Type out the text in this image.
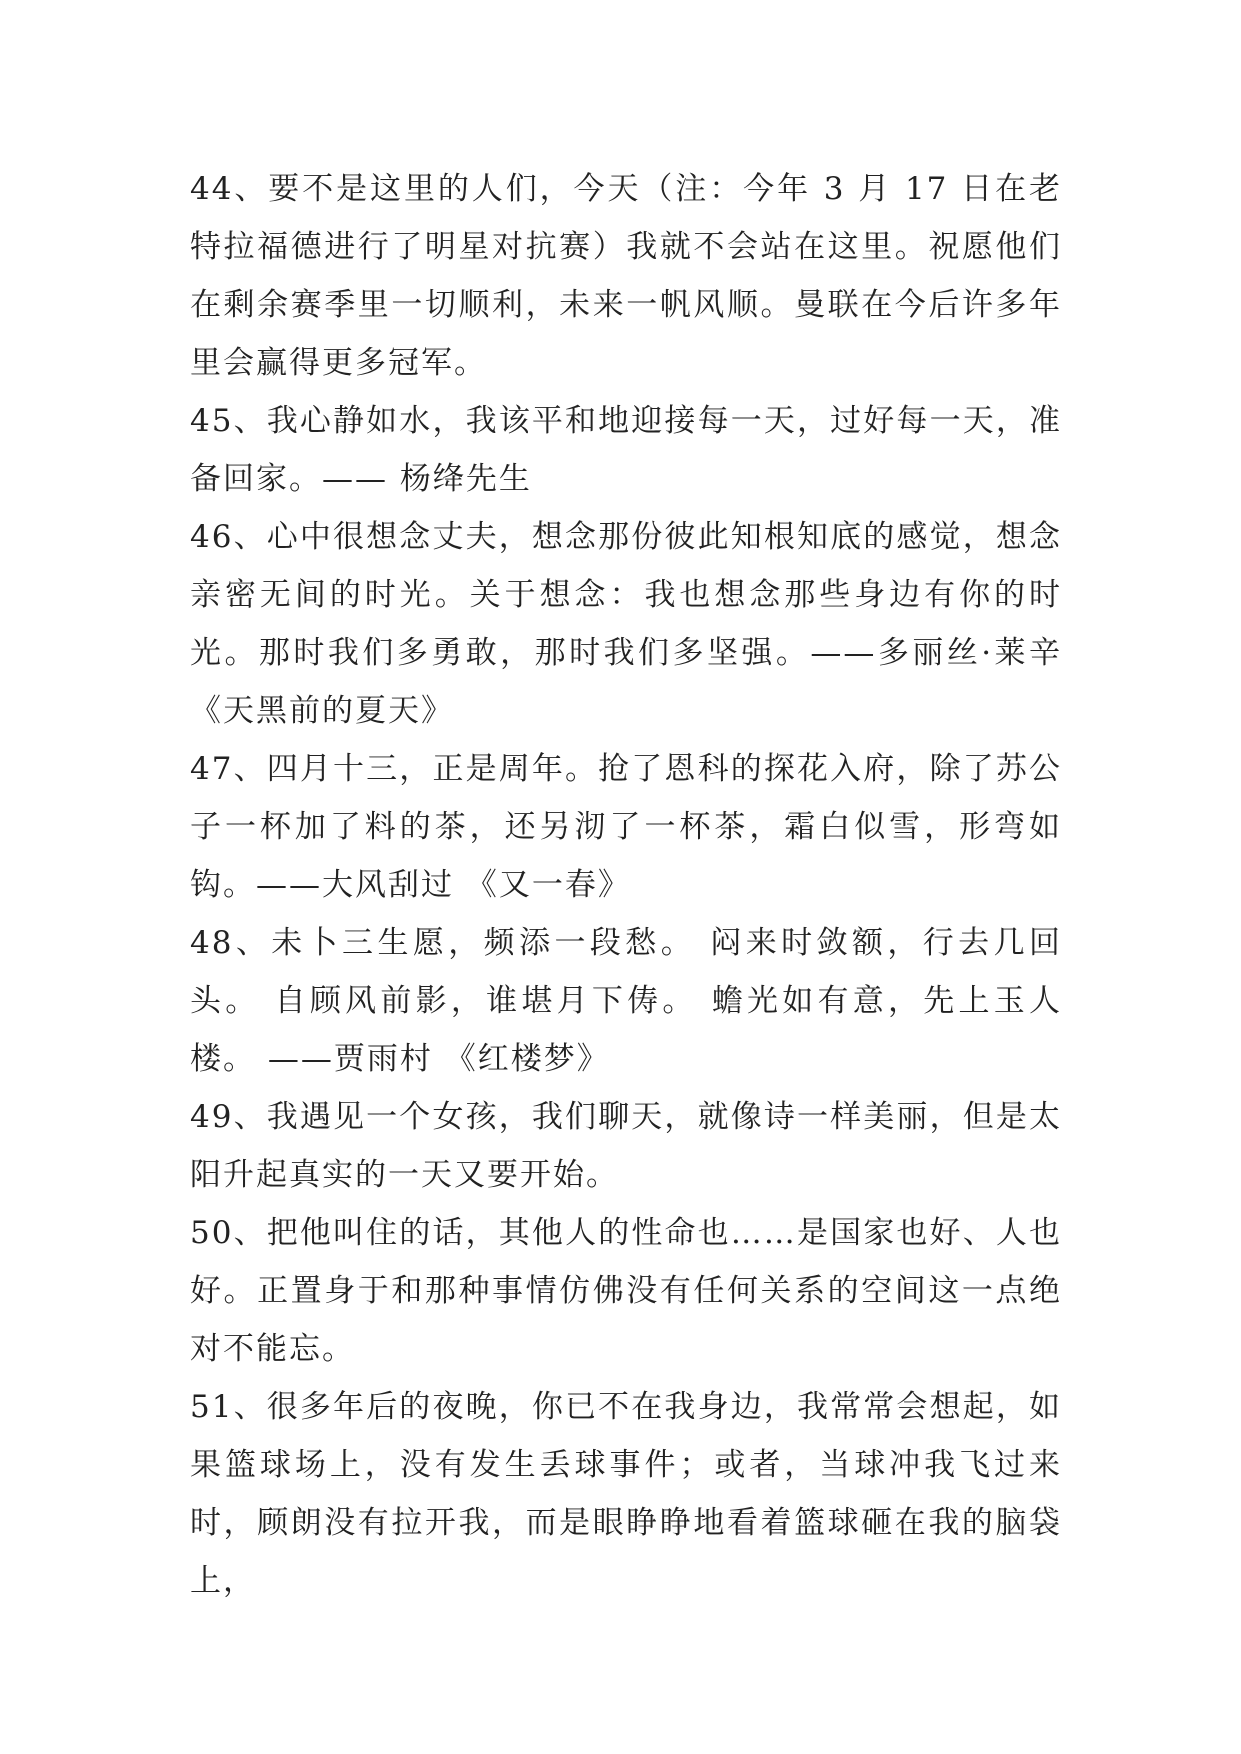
44、要不是这里的人们，今天（注：今年 3 月 17 日在老特拉福德进行了明星对抗赛）我就不会站在这里。祝愿他们在剩余赛季里一切顺利，未来一帆风顺。曼联在今后许多年里会赢得更多冠军。

45、我心静如水，我该平和地迎接每一天，过好每一天，准备回家。—— 杨绛先生

46、心中很想念丈夫，想念那份彼此知根知底的感觉，想念亲密无间的时光。关于想念：我也想念那些身边有你的时光。那时我们多勇敢，那时我们多坚强。——多丽丝·莱辛 《天黑前的夏天》

47、四月十三，正是周年。抢了恩科的探花入府，除了苏公子一杯加了料的茶，还另沏了一杯茶，霜白似雪，形弯如钩。——大风刮过 《又一春》

48、未卜三生愿，频添一段愁。 闷来时敛额，行去几回头。 自顾风前影，谁堪月下俦。 蟾光如有意，先上玉人楼。 ——贾雨村 《红楼梦》

49、我遇见一个女孩，我们聊天，就像诗一样美丽，但是太阳升起真实的一天又要开始。

50、把他叫住的话，其他人的性命也……是国家也好、人也好。正置身于和那种事情仿佛没有任何关系的空间这一点绝对不能忘。

51、很多年后的夜晚，你已不在我身边，我常常会想起，如果篮球场上，没有发生丢球事件；或者，当球冲我飞过来时，顾朗没有拉开我，而是眼睁睁地看着篮球砸在我的脑袋上，
